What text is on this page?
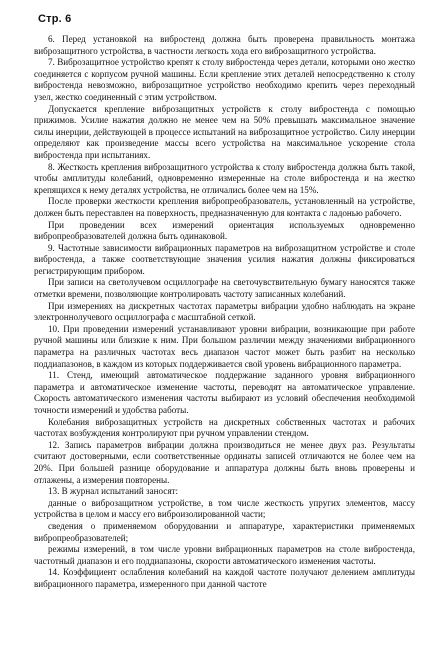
Стр. 6

6. Перед установкой на вибростенд должна быть проверена правильность монтажа виброзащитного устройства, в частности легкость хода его виброзащитного устройства.

7. Виброзащитное устройство крепят к столу вибростенда через детали, которыми оно жестко соединяется с корпусом ручной машины. Если крепление этих деталей непосредственно к столу вибростенда невозможно, виброзащитное устройство необходимо крепить через переходный узел, жестко соединенный с этим устройством.

Допускается крепление виброзащитных устройств к столу вибростенда с помощью прижимов. Усилие нажатия должно не менее чем на 50% превышать максимальное значение силы инерции, действующей в процессе испытаний на виброзащитное устройство. Силу инерции определяют как произведение массы всего устройства на максимальное ускорение стола вибростенда при испытаниях.

8. Жесткость крепления виброзащитного устройства к столу вибростенда должна быть такой, чтобы амплитуды колебаний, одновременно измеренные на столе вибростенда и на жестко крепящихся к нему деталях устройства, не отличались более чем на 15%.

После проверки жесткости крепления вибропреобразователь, установленный на устройстве, должен быть переставлен на поверхность, предназначенную для контакта с ладонью рабочего.

При проведении всех измерений ориентация используемых одновременно вибропреобразователей должна быть одинаковой.

9. Частотные зависимости вибрационных параметров на виброзащитном устройстве и столе вибростенда, а также соответствующие значения усилия нажатия должны фиксироваться регистрирующим прибором.

При записи на светолучевом осциллографе на светочувствительную бумагу наносятся также отметки времени, позволяющие контролировать частоту записанных колебаний.

При измерениях на дискретных частотах параметры вибрации удобно наблюдать на экране электроннолучевого осциллографа с масштабной сеткой.

10. При проведении измерений устанавливают уровни вибрации, возникающие при работе ручной машины или близкие к ним. При большом различии между значениями вибрационного параметра на различных частотах весь диапазон частот может быть разбит на несколько поддиапазонов, в каждом из которых поддерживается свой уровень вибрационного параметра.

11. Стенд, имеющий автоматическое поддержание заданного уровня вибрационного параметра и автоматическое изменение частоты, переводят на автоматическое управление. Скорость автоматического изменения частоты выбирают из условий обеспечения необходимой точности измерений и удобства работы.

Колебания виброзащитных устройств на дискретных собственных частотах и рабочих частотах возбуждения контролируют при ручном управлении стендом.

12. Запись параметров вибрации должна производиться не менее двух раз. Результаты считают достоверными, если соответственные ординаты записей отличаются не более чем на 20%. При большей разнице оборудование и аппаратура должны быть вновь проверены и отлажены, а измерения повторены.

13. В журнал испытаний заносят:

данные о виброзащитном устройстве, в том числе жесткость упругих элементов, массу устройства в целом и массу его виброизолированной части;

сведения о применяемом оборудовании и аппаратуре, характеристики применяемых вибропреобразователей;

режимы измерений, в том числе уровни вибрационных параметров на столе вибростенда, частотный диапазон и его поддиапазоны, скорости автоматического изменения частоты.

14. Коэффициент ослабления колебаний на каждой частоте получают делением амплитуды вибрационного параметра, измеренного при данной частоте
